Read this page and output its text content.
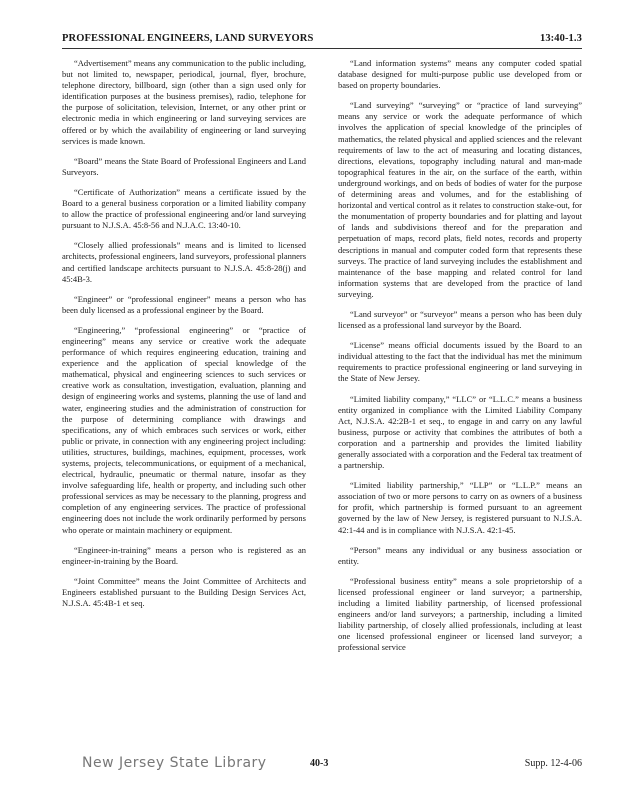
PROFESSIONAL ENGINEERS, LAND SURVEYORS	13:40-1.3

“Advertisement” means any communication to the public including, but not limited to, newspaper, periodical, journal, flyer, brochure, telephone directory, billboard, sign (other than a sign used only for identification purposes at the business premises), radio, telephone for the purpose of solicitation, television, Internet, or any other print or electronic media in which engineering or land surveying services are offered or by which the availability of engineering or land surveying services is made known.

“Board” means the State Board of Professional Engineers and Land Surveyors.

“Certificate of Authorization” means a certificate issued by the Board to a general business corporation or a limited liability company to allow the practice of professional engineering and/or land surveying pursuant to N.J.S.A. 45:8-56 and N.J.A.C. 13:40-10.

“Closely allied professionals” means and is limited to licensed architects, professional engineers, land surveyors, professional planners and certified landscape architects pursuant to N.J.S.A. 45:8-28(j) and 45:4B-3.

“Engineer” or “professional engineer” means a person who has been duly licensed as a professional engineer by the Board.

“Engineering,” “professional engineering” or “practice of engineering” means any service or creative work the adequate performance of which requires engineering education, training and experience and the application of special knowledge of the mathematical, physical and engineering sciences to such services or creative work as consultation, investigation, evaluation, planning and design of engineering works and systems, planning the use of land and water, engineering studies and the administration of construction for the purpose of determining compliance with drawings and specifications, any of which embraces such services or work, either public or private, in connection with any engineering project including: utilities, structures, buildings, machines, equipment, processes, work systems, projects, telecommunications, or equipment of a mechanical, electrical, hydraulic, pneumatic or thermal nature, insofar as they involve safeguarding life, health or property, and including such other professional services as may be necessary to the planning, progress and completion of any engineering services. The practice of professional engineering does not include the work ordinarily performed by persons who operate or maintain machinery or equipment.

“Engineer-in-training” means a person who is registered as an engineer-in-training by the Board.

“Joint Committee” means the Joint Committee of Architects and Engineers established pursuant to the Building Design Services Act, N.J.S.A. 45:4B-1 et seq.

“Land information systems” means any computer coded spatial database designed for multi-purpose public use developed from or based on property boundaries.

“Land surveying” “surveying” or “practice of land surveying” means any service or work the adequate performance of which involves the application of special knowledge of the principles of mathematics, the related physical and applied sciences and the relevant requirements of law to the act of measuring and locating distances, directions, elevations, topography including natural and man-made topographical features in the air, on the surface of the earth, within underground workings, and on beds of bodies of water for the purpose of determining areas and volumes, and for the establishing of horizontal and vertical control as it relates to construction stake-out, for the monumentation of property boundaries and for platting and layout of lands and subdivisions thereof and for the preparation and perpetuation of maps, record plats, field notes, records and property descriptions in manual and computer coded form that represents these surveys. The practice of land surveying includes the establishment and maintenance of the base mapping and related control for land information systems that are developed from the practice of land surveying.

“Land surveyor” or “surveyor” means a person who has been duly licensed as a professional land surveyor by the Board.

“License” means official documents issued by the Board to an individual attesting to the fact that the individual has met the minimum requirements to practice professional engineering or land surveying in the State of New Jersey.

“Limited liability company,” “LLC” or “L.L.C.” means a business entity organized in compliance with the Limited Liability Company Act, N.J.S.A. 42:2B-1 et seq., to engage in and carry on any lawful business, purpose or activity that combines the attributes of both a corporation and a partnership and provides the limited liability generally associated with a corporation and the Federal tax treatment of a partnership.

“Limited liability partnership,” “LLP” or “L.L.P.” means an association of two or more persons to carry on as owners of a business for profit, which partnership is formed pursuant to an agreement governed by the law of New Jersey, is registered pursuant to N.J.S.A. 42:1-44 and is in compliance with N.J.S.A. 42:1-45.

“Person” means any individual or any business association or entity.

“Professional business entity” means a sole proprietorship of a licensed professional engineer or land surveyor; a partnership, including a limited liability partnership, of licensed professional engineers and/or land surveyors; a partnership, including a limited liability partnership, of closely allied professionals, including at least one licensed professional engineer or licensed land surveyor; a professional service

New Jersey State Library	40-3	Supp. 12-4-06
